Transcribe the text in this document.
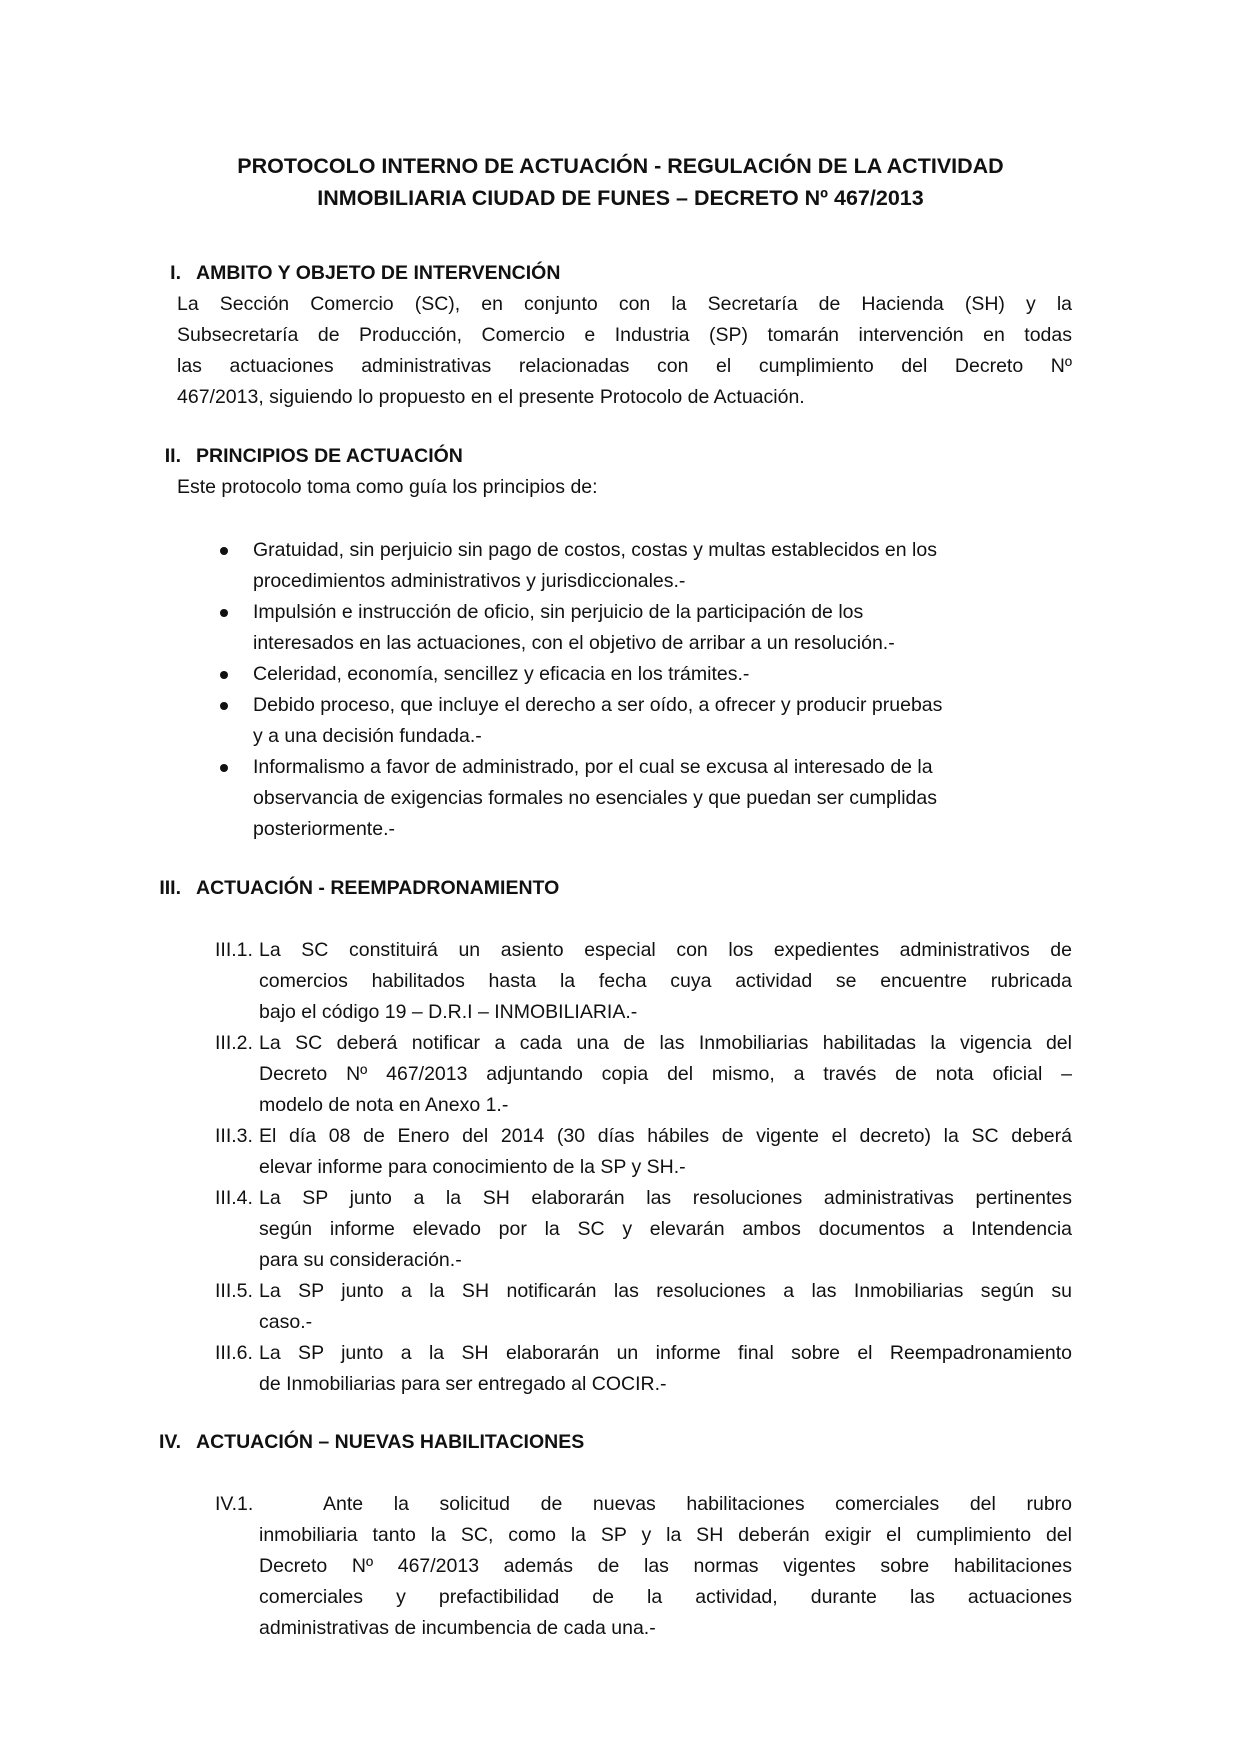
PROTOCOLO INTERNO DE ACTUACIÓN - REGULACIÓN DE LA ACTIVIDAD
INMOBILIARIA CIUDAD DE FUNES – DECRETO Nº 467/2013
I. AMBITO Y OBJETO DE INTERVENCIÓN
La Sección Comercio (SC), en conjunto con la Secretaría de Hacienda (SH) y la
Subsecretaría de Producción, Comercio e Industria (SP) tomarán intervención en todas
las actuaciones administrativas relacionadas con el cumplimiento del Decreto Nº
467/2013, siguiendo lo propuesto en el presente Protocolo de Actuación.
II. PRINCIPIOS DE ACTUACIÓN
Este protocolo toma como guía los principios de:
Gratuidad, sin perjuicio sin pago de costos, costas y multas establecidos en los
procedimientos administrativos y jurisdiccionales.-
Impulsión e instrucción de oficio, sin perjuicio de la participación de los
interesados en las actuaciones, con el objetivo de arribar a un resolución.-
Celeridad, economía, sencillez y eficacia en los trámites.-
Debido proceso, que incluye el derecho a ser oído, a ofrecer y producir pruebas
y a una decisión fundada.-
Informalismo a favor de administrado, por el cual se excusa al interesado de la
observancia de exigencias formales no esenciales y que puedan ser cumplidas
posteriormente.-
III. ACTUACIÓN - REEMPADRONAMIENTO
III.1. La SC constituirá un asiento especial con los expedientes administrativos de
comercios habilitados hasta la fecha cuya actividad se encuentre rubricada
bajo el código 19 – D.R.I – INMOBILIARIA.-
III.2. La SC deberá notificar a cada una de las Inmobiliarias habilitadas la vigencia del
Decreto Nº 467/2013 adjuntando copia del mismo, a través de nota oficial –
modelo de nota en Anexo 1.-
III.3. El día 08 de Enero del 2014 (30 días hábiles de vigente el decreto) la SC deberá
elevar informe para conocimiento de la SP y SH.-
III.4. La SP junto a la SH elaborarán las resoluciones administrativas pertinentes
según informe elevado por la SC y elevarán ambos documentos a Intendencia
para su consideración.-
III.5. La SP junto a la SH notificarán las resoluciones a las Inmobiliarias según su
caso.-
III.6. La SP junto a la SH elaborarán un informe final sobre el Reempadronamiento
de Inmobiliarias para ser entregado al COCIR.-
IV. ACTUACIÓN – NUEVAS HABILITACIONES
IV.1.	Ante la solicitud de nuevas habilitaciones comerciales del rubro
inmobiliaria tanto la SC, como la SP y la SH deberán exigir el cumplimiento del
Decreto Nº 467/2013 además de las normas vigentes sobre habilitaciones
comerciales y prefactibilidad de la actividad, durante las actuaciones
administrativas de incumbencia de cada una.-
